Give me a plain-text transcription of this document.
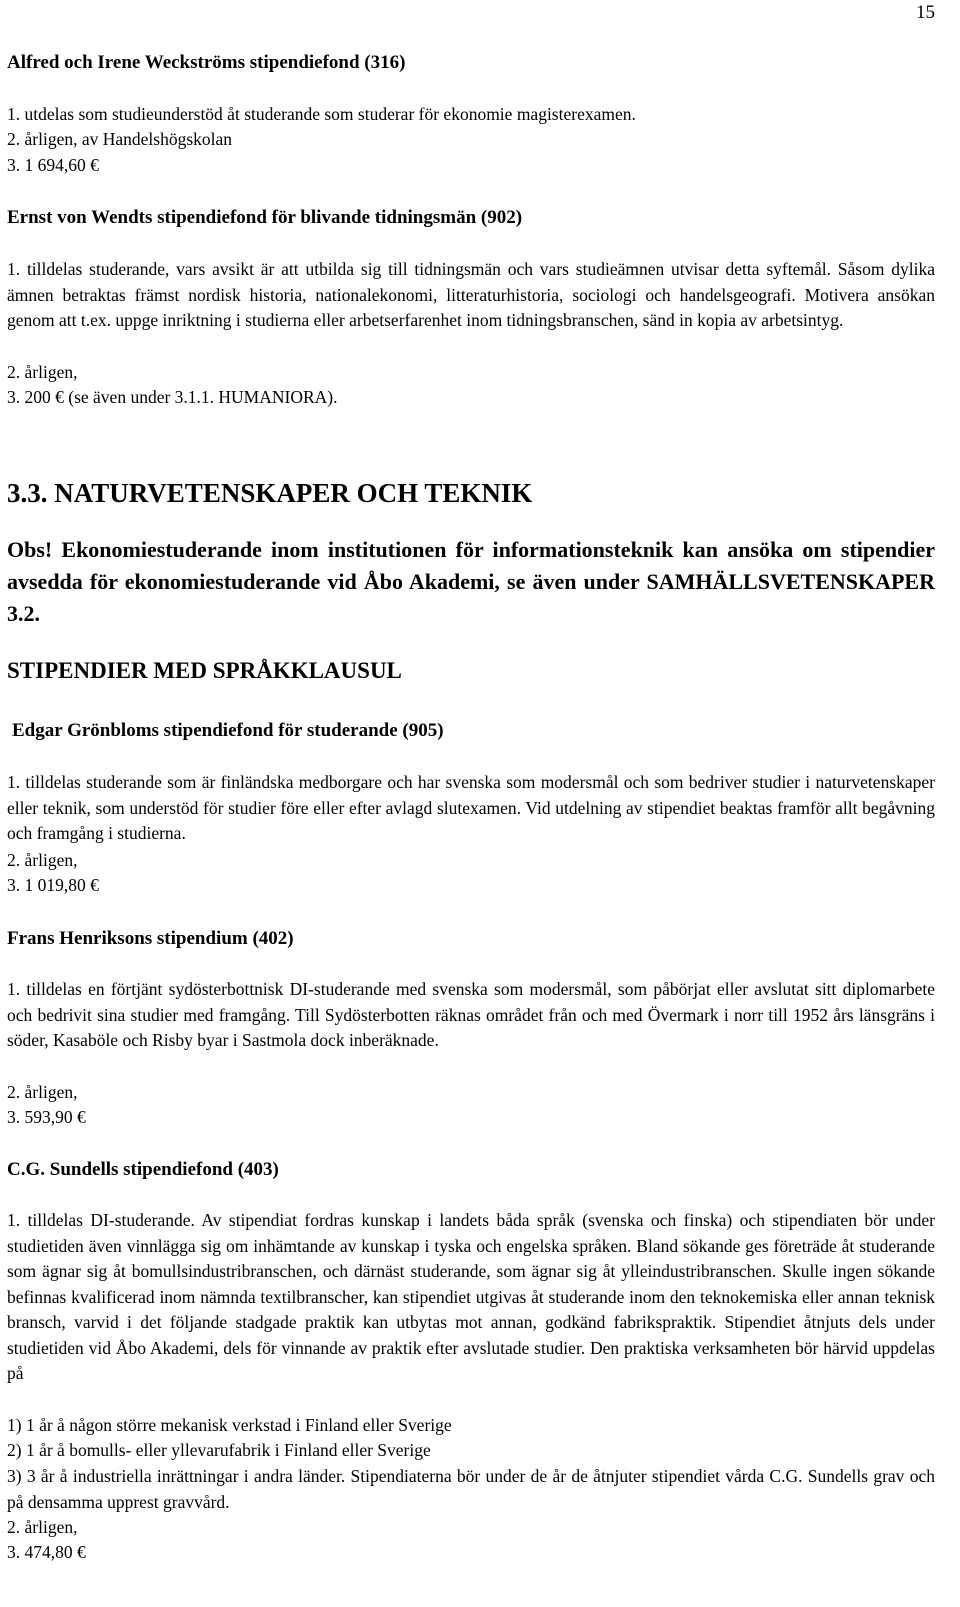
15

Alfred och Irene Weckströms stipendiefond (316)

1. utdelas som studieunderstöd åt studerande som studerar för ekonomie magisterexamen.

2. årligen, av Handelshögskolan

3. 1 694,60 €

Ernst von Wendts stipendiefond för blivande tidningsmän (902)

1. tilldelas studerande, vars avsikt är att utbilda sig till tidningsmän och vars studieämnen utvisar detta syftemål. Såsom dylika ämnen betraktas främst nordisk historia, nationalekonomi, litteraturhistoria, sociologi och handelsgeografi. Motivera ansökan genom att t.ex. uppge inriktning i studierna eller arbetserfarenhet inom tidningsbranschen, sänd in kopia av arbetsintyg.

2. årligen,

3. 200 € (se även under 3.1.1. HUMANIORA).

3.3. NATURVETENSKAPER OCH TEKNIK

Obs! Ekonomiestuderande inom institutionen för informationsteknik kan ansöka om stipendier avsedda för ekonomiestuderande vid Åbo Akademi, se även under SAMHÄLLSVETENSKAPER 3.2.

STIPENDIER MED SPRÅKKLAUSUL

Edgar Grönbloms stipendiefond för studerande (905)

1. tilldelas studerande som är finländska medborgare och har svenska som modersmål och som bedriver studier i naturvetenskaper eller teknik, som understöd för studier före eller efter avlagd slutexamen. Vid utdelning av stipendiet beaktas framför allt begåvning och framgång i studierna.

2. årligen,

3. 1 019,80 €

Frans Henriksons stipendium (402)

1. tilldelas en förtjänt sydösterbottnisk DI-studerande med svenska som modersmål, som påbörjat eller avslutat sitt diplomarbete och bedrivit sina studier med framgång. Till Sydösterbotten räknas området från och med Övermark i norr till 1952 års länsgräns i söder, Kasaböle och Risby byar i Sastmola dock inberäknade.

2. årligen,

3. 593,90 €

C.G. Sundells stipendiefond (403)

1. tilldelas DI-studerande. Av stipendiat fordras kunskap i landets båda språk (svenska och finska) och stipendiaten bör under studietiden även vinnlägga sig om inhämtande av kunskap i tyska och engelska språken. Bland sökande ges företräde åt studerande som ägnar sig åt bomullsindustribranschen, och därnäst studerande, som ägnar sig åt ylleindustribranschen. Skulle ingen sökande befinnas kvalificerad inom nämnda textilbranscher, kan stipendiet utgivas åt studerande inom den teknokemiska eller annan teknisk bransch, varvid i det följande stadgade praktik kan utbytas mot annan, godkänd fabrikspraktik. Stipendiet åtnjuts dels under studietiden vid Åbo Akademi, dels för vinnande av praktik efter avslutade studier. Den praktiska verksamheten bör härvid uppdelas på

1) 1 år å någon större mekanisk verkstad i Finland eller Sverige

2) 1 år å bomulls- eller yllevarufabrik i Finland eller Sverige

3) 3 år å industriella inrättningar i andra länder. Stipendiaterna bör under de år de åtnjuter stipendiet vårda C.G. Sundells grav och på densamma upprest gravvård.

2. årligen,

3. 474,80 €
